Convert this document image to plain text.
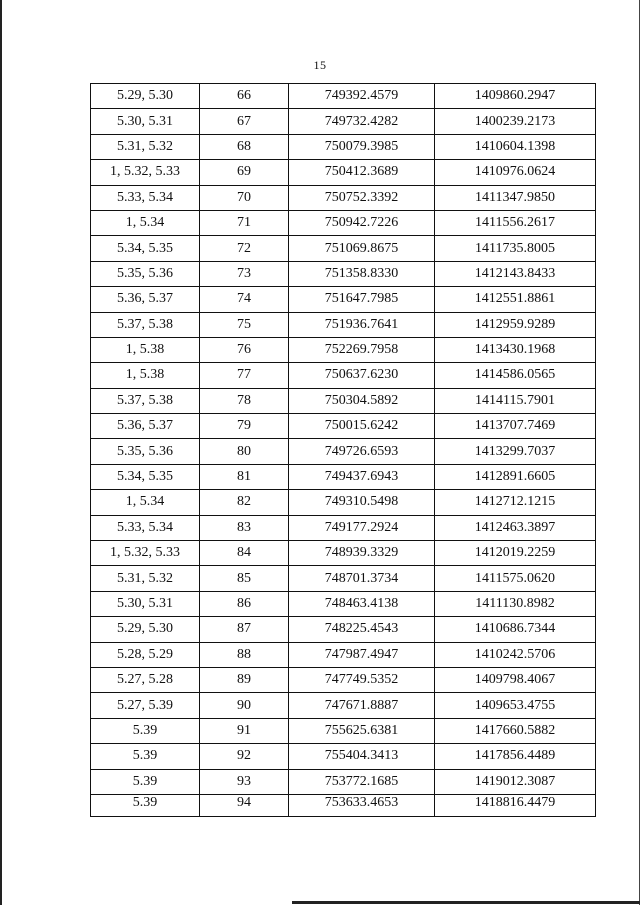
15
5.29, 5.30	66	749392.4579	1409860.2947
5.30, 5.31	67	749732.4282	1400239.2173
5.31, 5.32	68	750079.3985	1410604.1398
1, 5.32, 5.33	69	750412.3689	1410976.0624
5.33, 5.34	70	750752.3392	1411347.9850
1, 5.34	71	750942.7226	1411556.2617
5.34, 5.35	72	751069.8675	1411735.8005
5.35, 5.36	73	751358.8330	1412143.8433
5.36, 5.37	74	751647.7985	1412551.8861
5.37, 5.38	75	751936.7641	1412959.9289
1, 5.38	76	752269.7958	1413430.1968
1, 5.38	77	750637.6230	1414586.0565
5.37, 5.38	78	750304.5892	1414115.7901
5.36, 5.37	79	750015.6242	1413707.7469
5.35, 5.36	80	749726.6593	1413299.7037
5.34, 5.35	81	749437.6943	1412891.6605
1, 5.34	82	749310.5498	1412712.1215
5.33, 5.34	83	749177.2924	1412463.3897
1, 5.32, 5.33	84	748939.3329	1412019.2259
5.31, 5.32	85	748701.3734	1411575.0620
5.30, 5.31	86	748463.4138	1411130.8982
5.29, 5.30	87	748225.4543	1410686.7344
5.28, 5.29	88	747987.4947	1410242.5706
5.27, 5.28	89	747749.5352	1409798.4067
5.27, 5.39	90	747671.8887	1409653.4755
5.39	91	755625.6381	1417660.5882
5.39	92	755404.3413	1417856.4489
5.39	93	753772.1685	1419012.3087
5.39	94	753633.4653	1418816.4479
